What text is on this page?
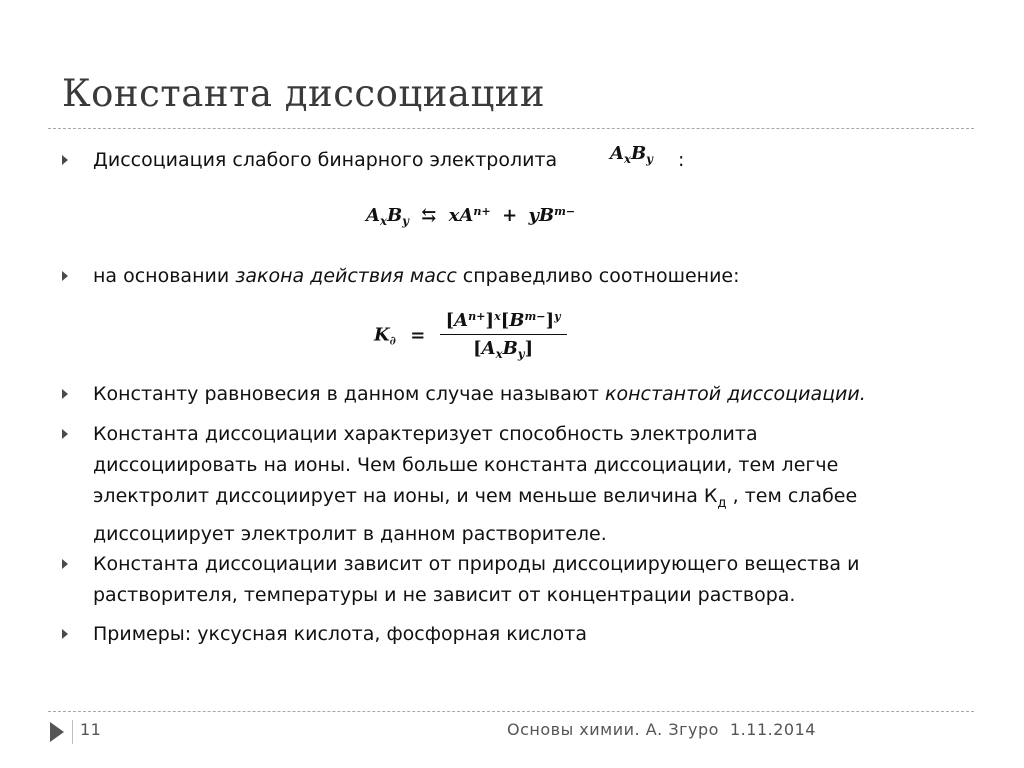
Константа диссоциации
Диссоциация слабого бинарного электролита	$A_xB_y$ :
$A_xB_y$ ⇆ $xA^{n+} + yB^{m-}$
на основании закона действия масс справедливо соотношение:
$K_\partial = \frac{[A^{n+}]^x[B^{m-}]^y}{[A_xB_y]}$
Константу равновесия в данном случае называют константой диссоциации.
Константа диссоциации характеризует способность электролита
диссоциировать на ионы. Чем больше константа диссоциации, тем легче
электролит диссоциирует на ионы, и чем меньше величина $К_д$ , тем слабее
диссоциирует электролит в данном растворителе.
Константа диссоциации зависит от природы диссоциирующего вещества и
растворителя, температуры и не зависит от концентрации раствора.
Примеры: уксусная кислота, фосфорная кислота
11	Основы химии. А. Згуро 1.11.2014
